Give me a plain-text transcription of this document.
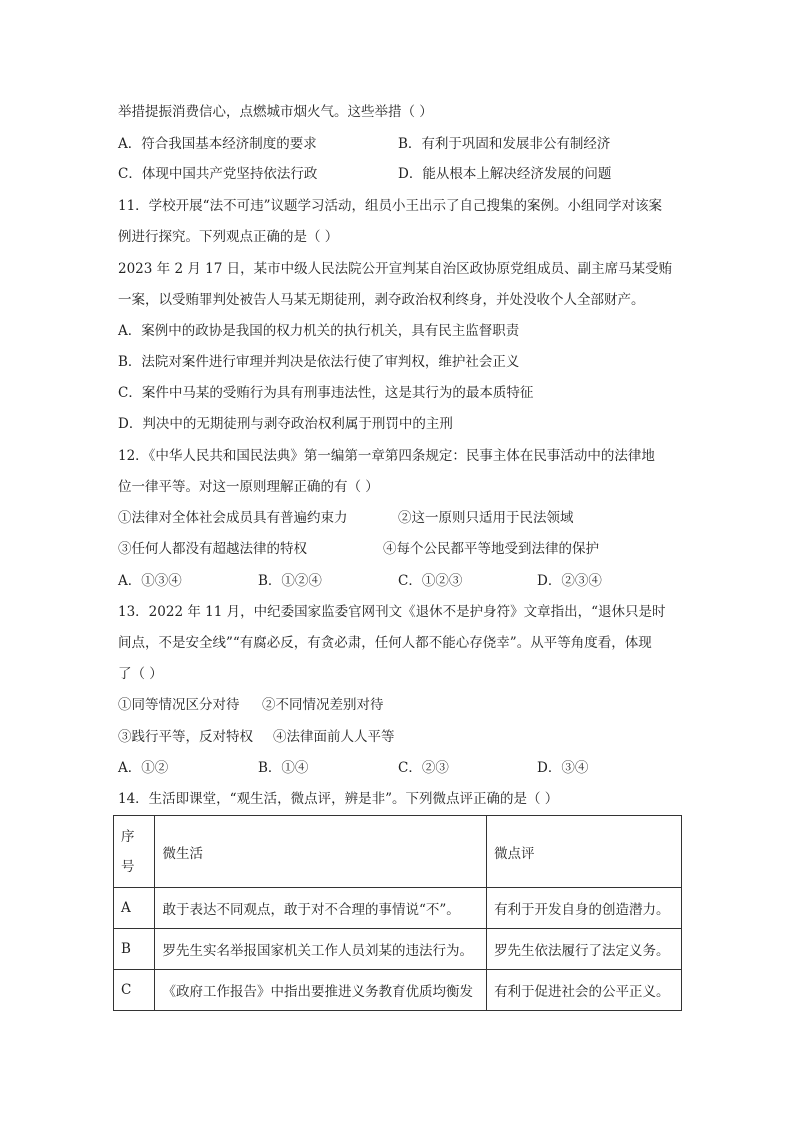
举措提振消费信心，点燃城市烟火气。这些举措（ ）
A．符合我国基本经济制度的要求	B．有利于巩固和发展非公有制经济
C．体现中国共产党坚持依法行政	D．能从根本上解决经济发展的问题
11．学校开展“法不可违”议题学习活动，组员小王出示了自己搜集的案例。小组同学对该案
例进行探究。下列观点正确的是（ ）
2023 年 2 月 17 日，某市中级人民法院公开宣判某自治区政协原党组成员、副主席马某受贿
一案，以受贿罪判处被告人马某无期徒刑，剥夺政治权利终身，并处没收个人全部财产。
A．案例中的政协是我国的权力机关的执行机关，具有民主监督职责
B．法院对案件进行审理并判决是依法行使了审判权，维护社会正义
C．案件中马某的受贿行为具有刑事违法性，这是其行为的最本质特征
D．判决中的无期徒刑与剥夺政治权利属于刑罚中的主刑
12．《中华人民共和国民法典》第一编第一章第四条规定：民事主体在民事活动中的法律地
位一律平等。对这一原则理解正确的有（ ）
①法律对全体社会成员具有普遍约束力	②这一原则只适用于民法领域
③任何人都没有超越法律的特权	④每个公民都平等地受到法律的保护
A．①③④	B．①②④	C．①②③	D．②③④
13．2022 年 11 月，中纪委国家监委官网刊文《退休不是护身符》文章指出，“退休只是时
间点，不是安全线”“有腐必反，有贪必肃，任何人都不能心存侥幸”。从平等角度看，体现
了（ ）
①同等情况区分对待 ②不同情况差别对待
③践行平等，反对特权 ④法律面前人人平等
A．①②	B．①④	C．②③	D．③④
14．生活即课堂，“观生活，微点评，辨是非”。下列微点评正确的是（ ）
序号	微生活	微点评
A	敢于表达不同观点，敢于对不合理的事情说“不”。	有利于开发自身的创造潜力。
B	罗先生实名举报国家机关工作人员刘某的违法行为。	罗先生依法履行了法定义务。
C	《政府工作报告》中指出要推进义务教育优质均衡发	有利于促进社会的公平正义。
